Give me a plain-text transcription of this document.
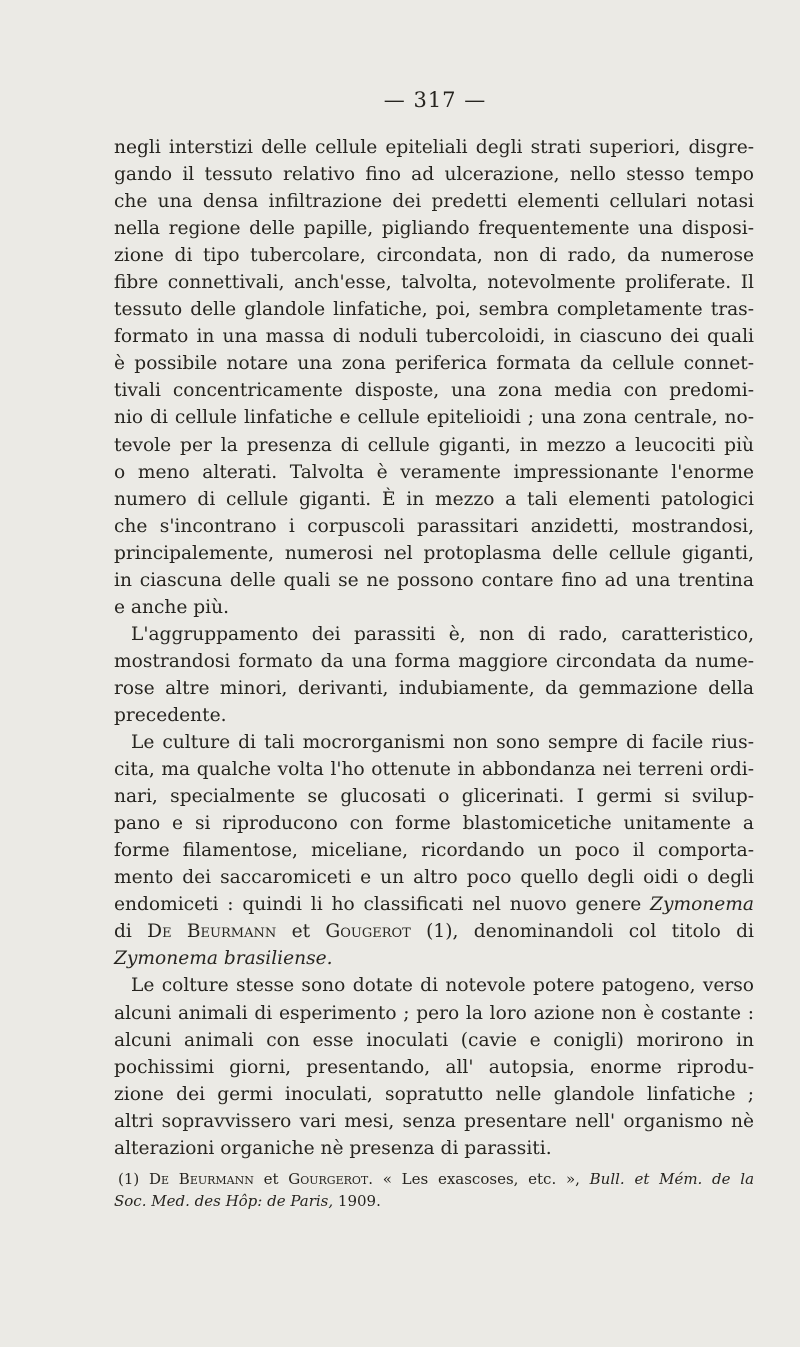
— 317 —
negli interstizi delle cellule epiteliali degli strati superiori, disgre-
gando il tessuto relativo fino ad ulcerazione, nello stesso tempo
che una densa infiltrazione dei predetti elementi cellulari notasi
nella regione delle papille, pigliando frequentemente una disposi-
zione di tipo tubercolare, circondata, non di rado, da numerose
fibre connettivali, anch'esse, talvolta, notevolmente proliferate. Il
tessuto delle glandole linfatiche, poi, sembra completamente tras-
formato in una massa di noduli tubercoloidi, in ciascuno dei quali
è possibile notare una zona periferica formata da cellule connet-
tivali concentricamente disposte, una zona media con predomi-
nio di cellule linfatiche e cellule epitelioidi ; una zona centrale, no-
tevole per la presenza di cellule giganti, in mezzo a leucociti più
o meno alterati. Talvolta è veramente impressionante l'enorme
numero di cellule giganti. È in mezzo a tali elementi patologici
che s'incontrano i corpuscoli parassitari anzidetti, mostrandosi,
principalemente, numerosi nel protoplasma delle cellule giganti,
in ciascuna delle quali se ne possono contare fino ad una trentina
e anche più.
L'aggruppamento dei parassiti è, non di rado, caratteristico,
mostrandosi formato da una forma maggiore circondata da nume-
rose altre minori, derivanti, indubiamente, da gemmazione della
precedente.
Le culture di tali mocrorganismi non sono sempre di facile rius-
cita, ma qualche volta l'ho ottenute in abbondanza nei terreni ordi-
nari, specialmente se glucosati o glicerinati. I germi si svilup-
pano e si riproducono con forme blastomicetiche unitamente a
forme filamentose, miceliane, ricordando un poco il comporta-
mento dei saccaromiceti e un altro poco quello degli oidi o degli
endomiceti : quindi li ho classificati nel nuovo genere Zymonema
di De Beurmann et Gougerot (1), denominandoli col titolo di
Zymonema brasiliense.
Le colture stesse sono dotate di notevole potere patogeno, verso
alcuni animali di esperimento ; pero la loro azione non è costante :
alcuni animali con esse inoculati (cavie e conigli) morirono in
pochissimi giorni, presentando, all' autopsia, enorme riprodu-
zione dei germi inoculati, sopratutto nelle glandole linfatiche ;
altri sopravvissero vari mesi, senza presentare nell' organismo nè
alterazioni organiche nè presenza di parassiti.
(1) De Beurmann et Gourgerot. « Les exascoses, etc. », Bull. et Mém. de la
Soc. Med. des Hôp: de Paris, 1909.
